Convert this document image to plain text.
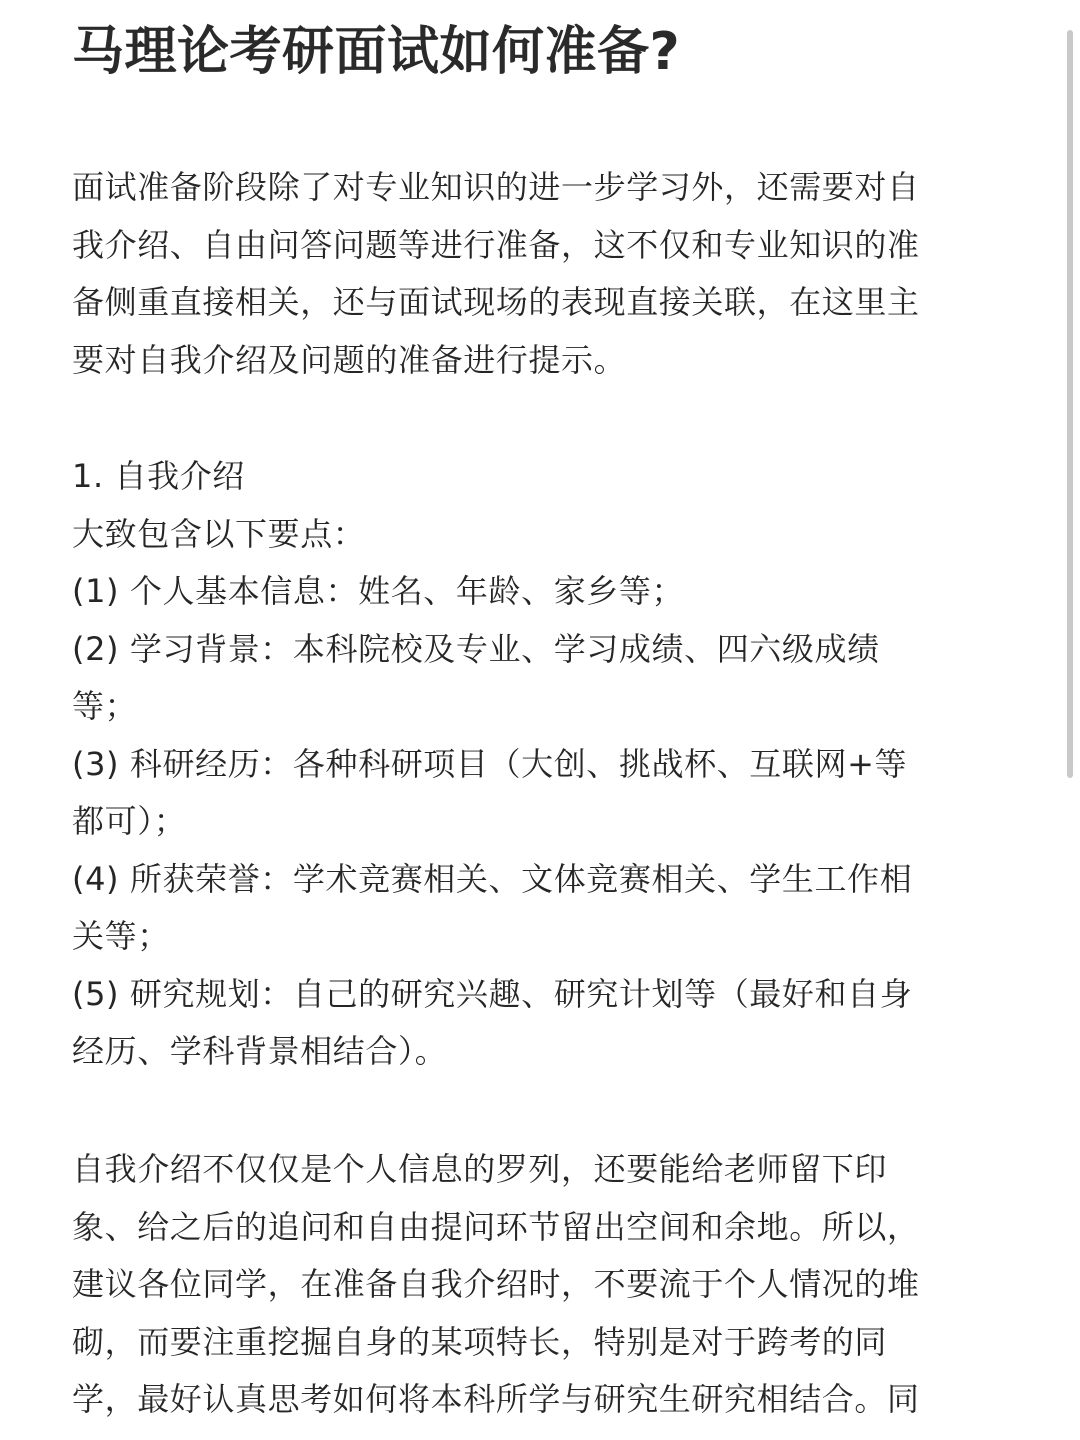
马理论考研面试如何准备?
面试准备阶段除了对专业知识的进一步学习外，还需要对自
我介绍、自由问答问题等进行准备，这不仅和专业知识的准
备侧重直接相关，还与面试现场的表现直接关联，在这里主
要对自我介绍及问题的准备进行提示。
1. 自我介绍
大致包含以下要点：
(1) 个人基本信息：姓名、年龄、家乡等；
(2) 学习背景：本科院校及专业、学习成绩、四六级成绩
等；
(3) 科研经历：各种科研项目（大创、挑战杯、互联网+等
都可）；
(4) 所获荣誉：学术竞赛相关、文体竞赛相关、学生工作相
关等；
(5) 研究规划：自己的研究兴趣、研究计划等（最好和自身
经历、学科背景相结合）。
自我介绍不仅仅是个人信息的罗列，还要能给老师留下印
象、给之后的追问和自由提问环节留出空间和余地。所以，
建议各位同学，在准备自我介绍时，不要流于个人情况的堆
砌，而要注重挖掘自身的某项特长，特别是对于跨考的同
学，最好认真思考如何将本科所学与研究生研究相结合。同
